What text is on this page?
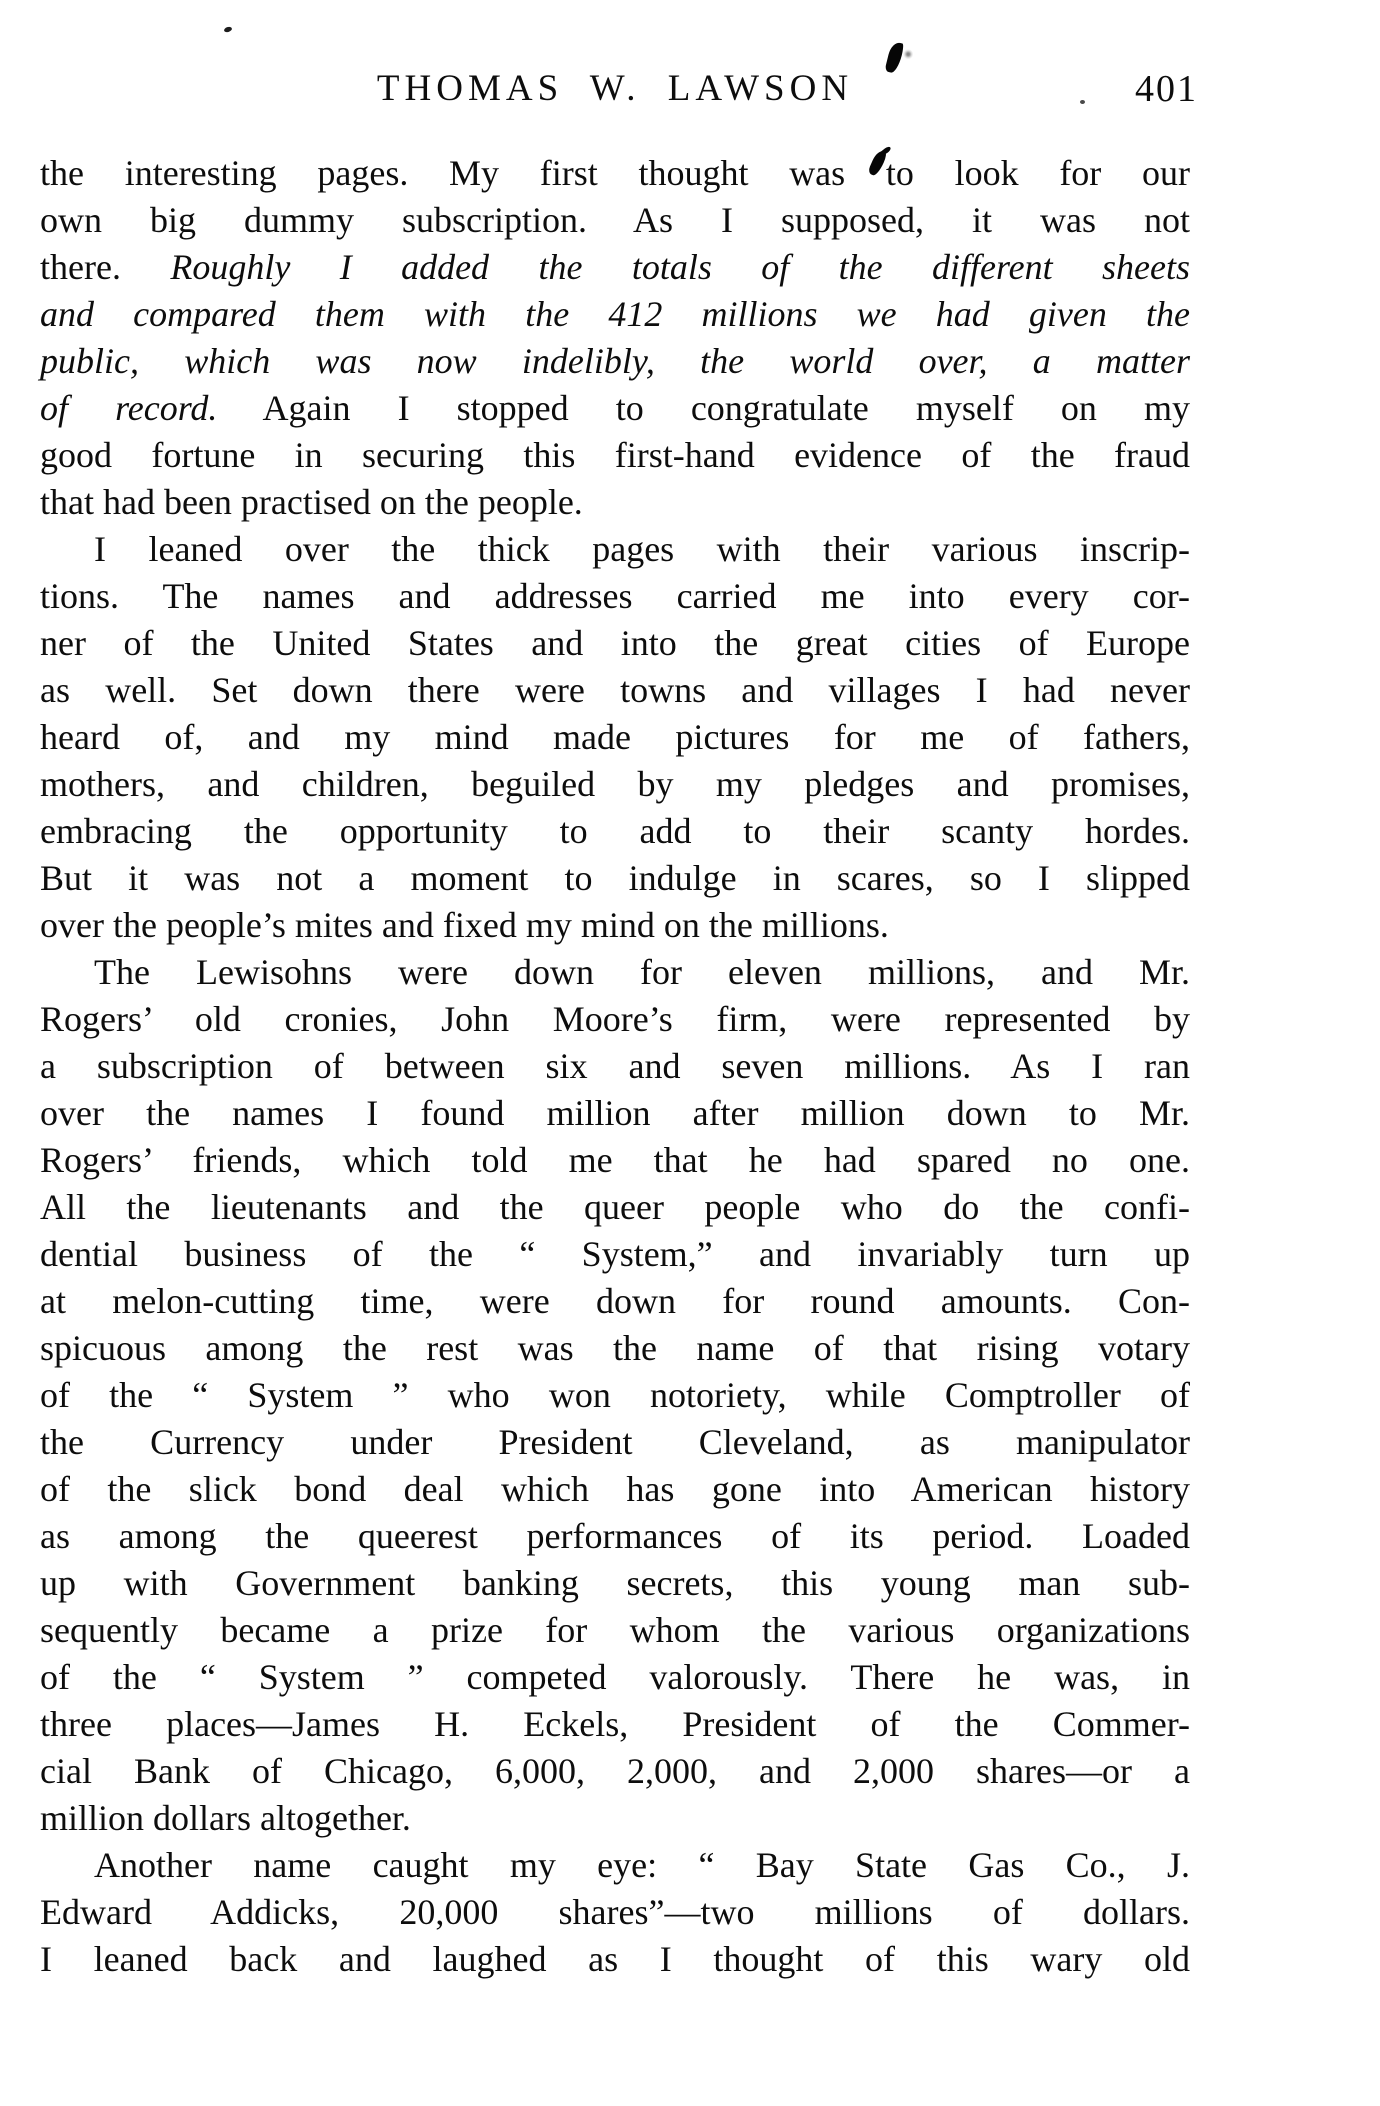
THOMAS W. LAWSON	401
the interesting pages. My first thought was to look for our
own big dummy subscription. As I supposed, it was not
there. Roughly I added the totals of the different sheets
and compared them with the 412 millions we had given the
public, which was now indelibly, the world over, a matter
of record. Again I stopped to congratulate myself on my
good fortune in securing this first-hand evidence of the fraud
that had been practised on the people.
I leaned over the thick pages with their various inscrip-
tions. The names and addresses carried me into every cor-
ner of the United States and into the great cities of Europe
as well. Set down there were towns and villages I had never
heard of, and my mind made pictures for me of fathers,
mothers, and children, beguiled by my pledges and promises,
embracing the opportunity to add to their scanty hordes.
But it was not a moment to indulge in scares, so I slipped
over the people’s mites and fixed my mind on the millions.
The Lewisohns were down for eleven millions, and Mr.
Rogers’ old cronies, John Moore’s firm, were represented by
a subscription of between six and seven millions. As I ran
over the names I found million after million down to Mr.
Rogers’ friends, which told me that he had spared no one.
All the lieutenants and the queer people who do the confi-
dential business of the “ System,” and invariably turn up
at melon-cutting time, were down for round amounts. Con-
spicuous among the rest was the name of that rising votary
of the “ System ” who won notoriety, while Comptroller of
the Currency under President Cleveland, as manipulator
of the slick bond deal which has gone into American history
as among the queerest performances of its period. Loaded
up with Government banking secrets, this young man sub-
sequently became a prize for whom the various organizations
of the “ System ” competed valorously. There he was, in
three places—James H. Eckels, President of the Commer-
cial Bank of Chicago, 6,000, 2,000, and 2,000 shares—or a
million dollars altogether.
Another name caught my eye: “ Bay State Gas Co., J.
Edward Addicks, 20,000 shares”—two millions of dollars.
I leaned back and laughed as I thought of this wary old
